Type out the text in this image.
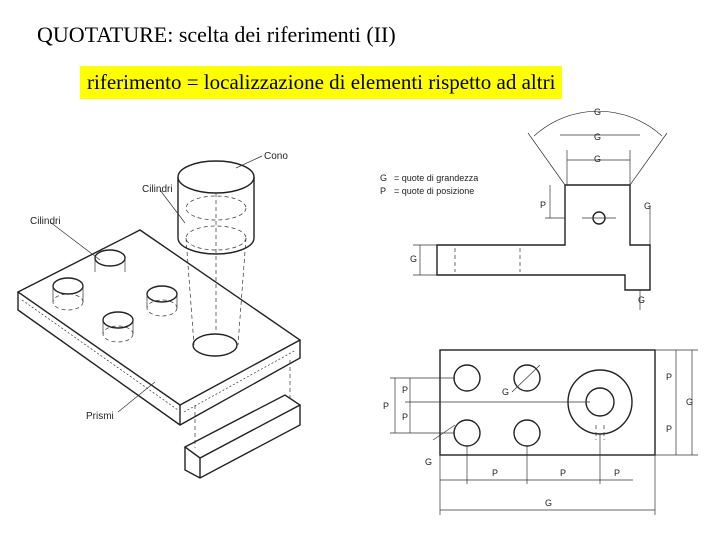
QUOTATURE: scelta dei riferimenti (II)
riferimento = localizzazione di elementi rispetto ad altri
Cono
Cilindri
Cilindri
Prismi
G = quote di grandezza
P = quote di posizione
G
G
G
G
G
G
P
P
P
P
G
G
P
P
G
P	P	P
G
